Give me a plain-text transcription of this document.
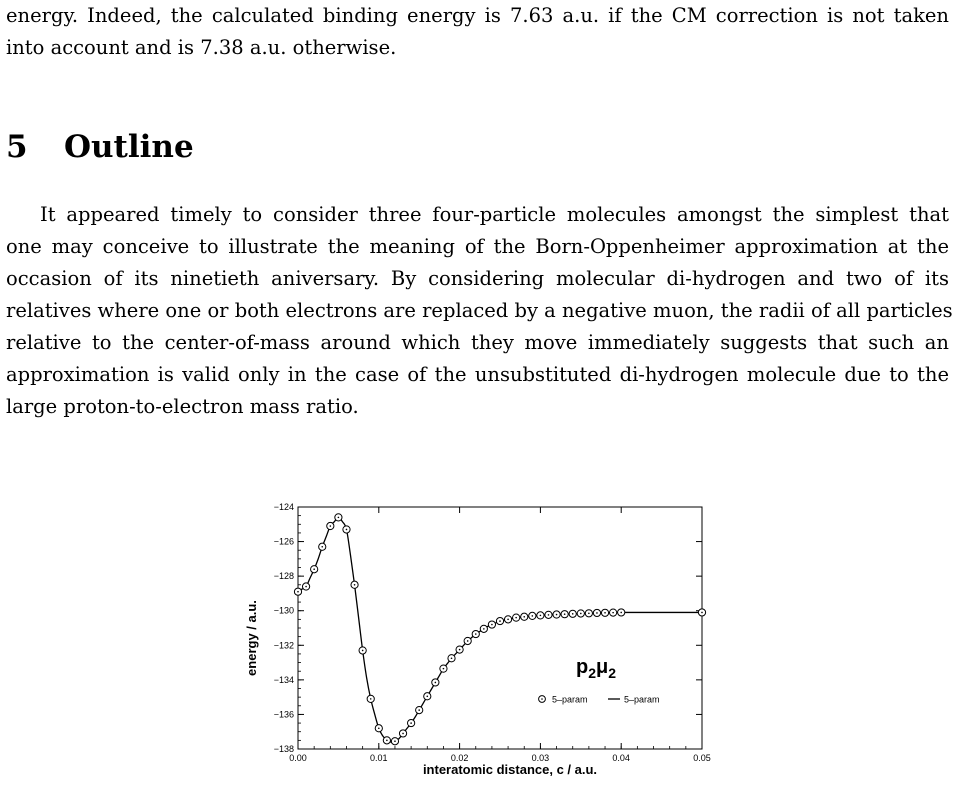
energy. Indeed, the calculated binding energy is 7.63 a.u. if the CM correction is not taken
into account and is 7.38 a.u. otherwise.

5 Outline

It appeared timely to consider three four-particle molecules amongst the simplest that
one may conceive to illustrate the meaning of the Born-Oppenheimer approximation at the
occasion of its ninetieth aniversary. By considering molecular di-hydrogen and two of its
relatives where one or both electrons are replaced by a negative muon, the radii of all particles
relative to the center-of-mass around which they move immediately suggests that such an
approximation is valid only in the case of the unsubstituted di-hydrogen molecule due to the
large proton-to-electron mass ratio.

0.00	0.01	0.02	0.03	0.04	0.05
−124
−126
−128
−130
−132
−134
−136
−138
interatomic distance, c / a.u.
energy / a.u.	$p_2\mu_2$
5–param	5–param
